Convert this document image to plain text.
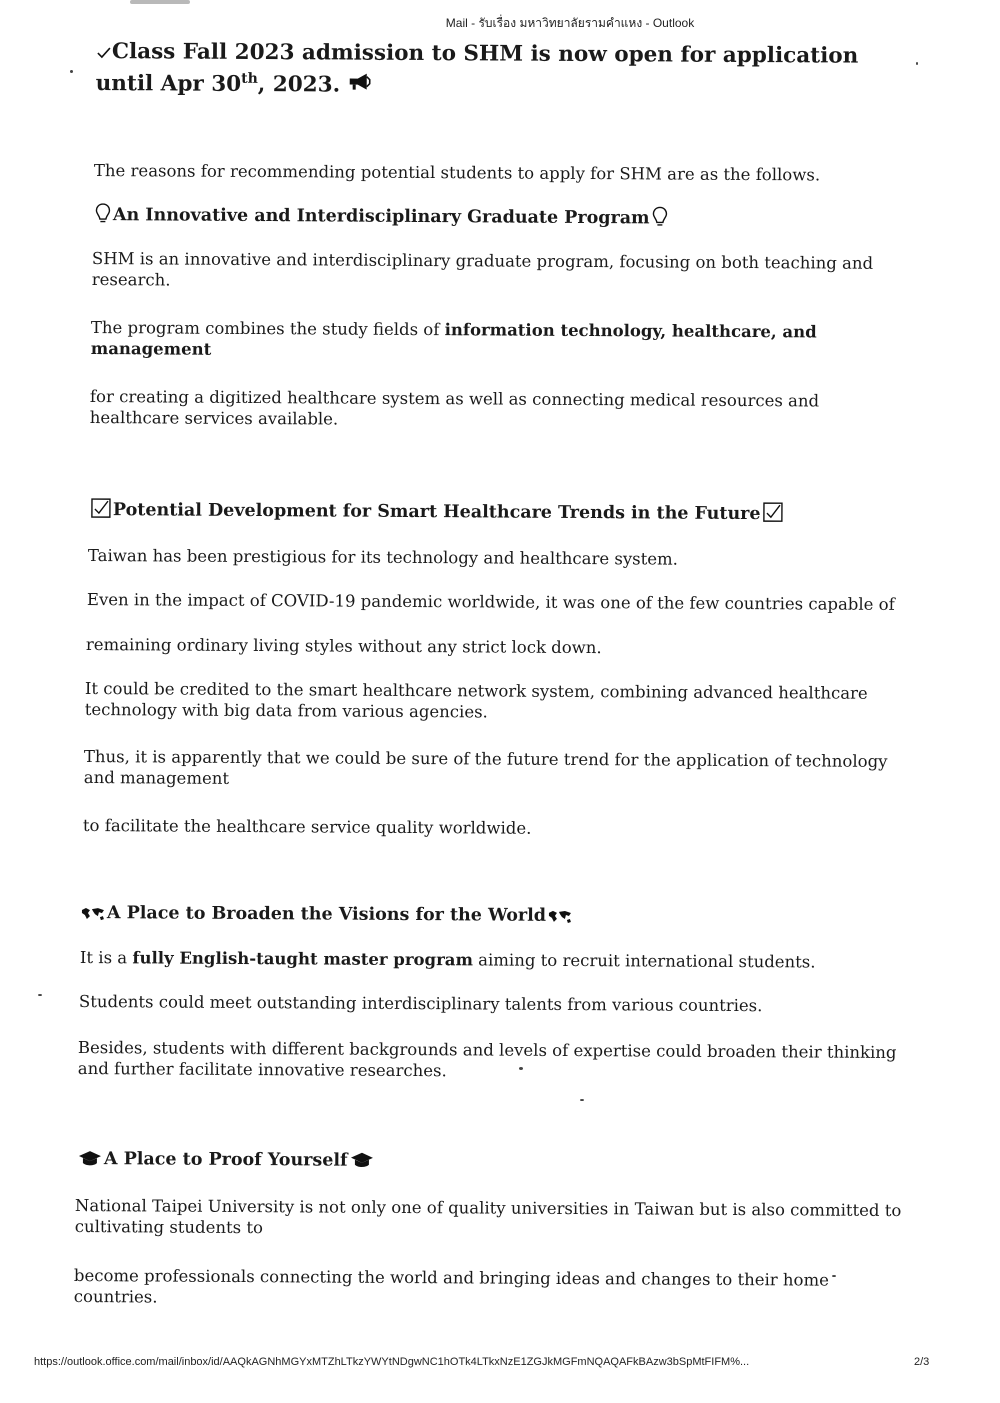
Mail - รับเรื่อง มหาวิทยาลัยรามคำแหง - Outlook
Class Fall 2023 admission to SHM is now open for application
until Apr 30th, 2023.
The reasons for recommending potential students to apply for SHM are as the follows.
An Innovative and Interdisciplinary Graduate Program
SHM is an innovative and interdisciplinary graduate program, focusing on both teaching and research.
The program combines the study fields of information technology, healthcare, and management
for creating a digitized healthcare system as well as connecting medical resources and healthcare services available.
Potential Development for Smart Healthcare Trends in the Future
Taiwan has been prestigious for its technology and healthcare system.
Even in the impact of COVID-19 pandemic worldwide, it was one of the few countries capable of
remaining ordinary living styles without any strict lock down.
It could be credited to the smart healthcare network system, combining advanced healthcare technology with big data from various agencies.
Thus, it is apparently that we could be sure of the future trend for the application of technology and management
to facilitate the healthcare service quality worldwide.
A Place to Broaden the Visions for the World
It is a fully English-taught master program aiming to recruit international students.
Students could meet outstanding interdisciplinary talents from various countries.
Besides, students with different backgrounds and levels of expertise could broaden their thinking and further facilitate innovative researches.
A Place to Proof Yourself
National Taipei University is not only one of quality universities in Taiwan but is also committed to cultivating students to
become professionals connecting the world and bringing ideas and changes to their home countries.
https://outlook.office.com/mail/inbox/id/AAQkAGNhMGYxMTZhLTkzYWYtNDgwNC1hOTk4LTkxNzE1ZGJkMGFmNQAQAFkBAzw3bSpMtFIFM%...	2/3
